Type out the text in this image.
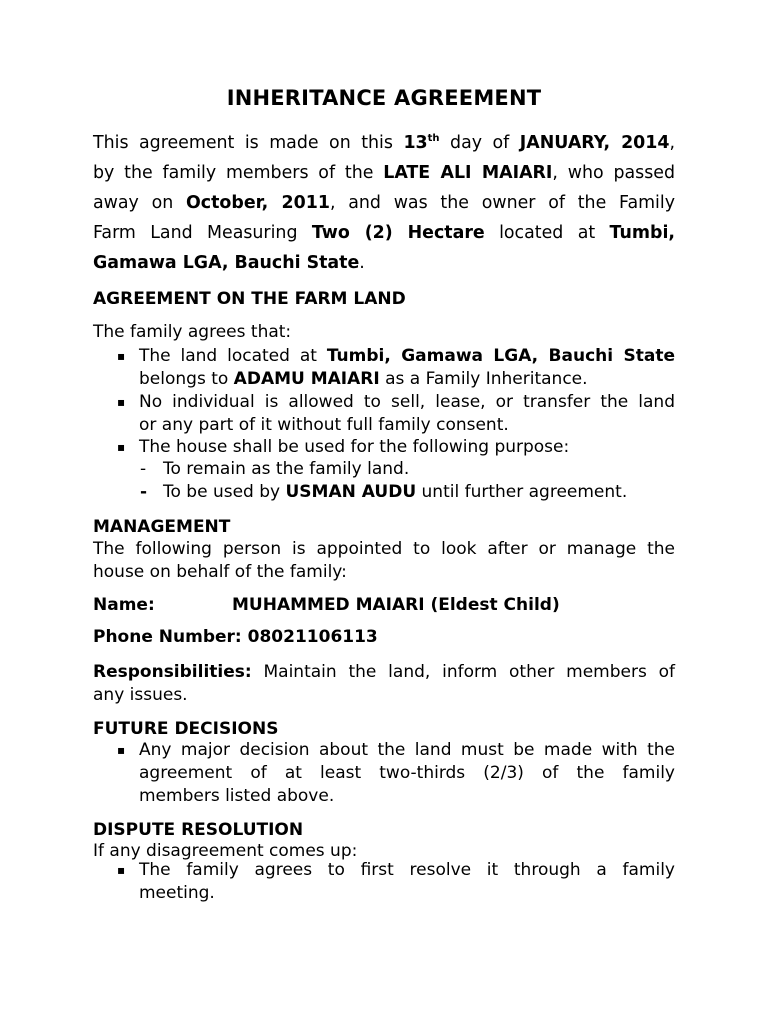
INHERITANCE AGREEMENT
This agreement is made on this 13th day of JANUARY, 2014,
by the family members of the LATE ALI MAIARI, who passed
away on October, 2011, and was the owner of the Family
Farm Land Measuring Two (2) Hectare located at Tumbi,
Gamawa LGA, Bauchi State.
AGREEMENT ON THE FARM LAND
The family agrees that:
▪ The land located at Tumbi, Gamawa LGA, Bauchi State
belongs to ADAMU MAIARI as a Family Inheritance.
▪ No individual is allowed to sell, lease, or transfer the land
or any part of it without full family consent.
▪ The house shall be used for the following purpose:
- To remain as the family land.
- To be used by USMAN AUDU until further agreement.
MANAGEMENT
The following person is appointed to look after or manage the
house on behalf of the family:
Name:	MUHAMMED MAIARI (Eldest Child)
Phone Number: 08021106113
Responsibilities: Maintain the land, inform other members of
any issues.
FUTURE DECISIONS
▪ Any major decision about the land must be made with the
agreement of at least two-thirds (2/3) of the family
members listed above.
DISPUTE RESOLUTION
If any disagreement comes up:
▪ The family agrees to first resolve it through a family
meeting.
